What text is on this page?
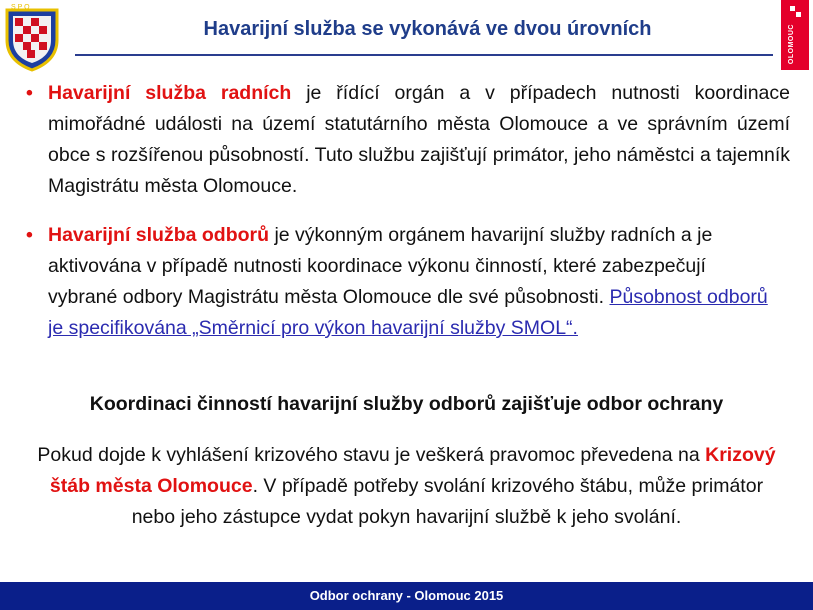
S P Q
OLOMOUC
Havarijní služba se vykonává ve dvou úrovních

• Havarijní služba radních je řídící orgán a v případech nutnosti koordinace mimořádné události na území statutárního města Olomouce a ve správním území obce s rozšířenou působností. Tuto službu zajišťují primátor, jeho náměstci a tajemník Magistrátu města Olomouce.

• Havarijní služba odborů je výkonným orgánem havarijní služby radních a je aktivována v případě nutnosti koordinace výkonu činností, které zabezpečují vybrané odbory Magistrátu města Olomouce dle své působnosti. Působnost odborů je specifikována „Směrnicí pro výkon havarijní služby SMOL“.

Koordinaci činností havarijní služby odborů zajišťuje odbor ochrany

Pokud dojde k vyhlášení krizového stavu je veškerá pravomoc převedena na Krizový štáb města Olomouce. V případě potřeby svolání krizového štábu, může primátor nebo jeho zástupce vydat pokyn havarijní službě k jeho svolání.

Odbor ochrany - Olomouc 2015
